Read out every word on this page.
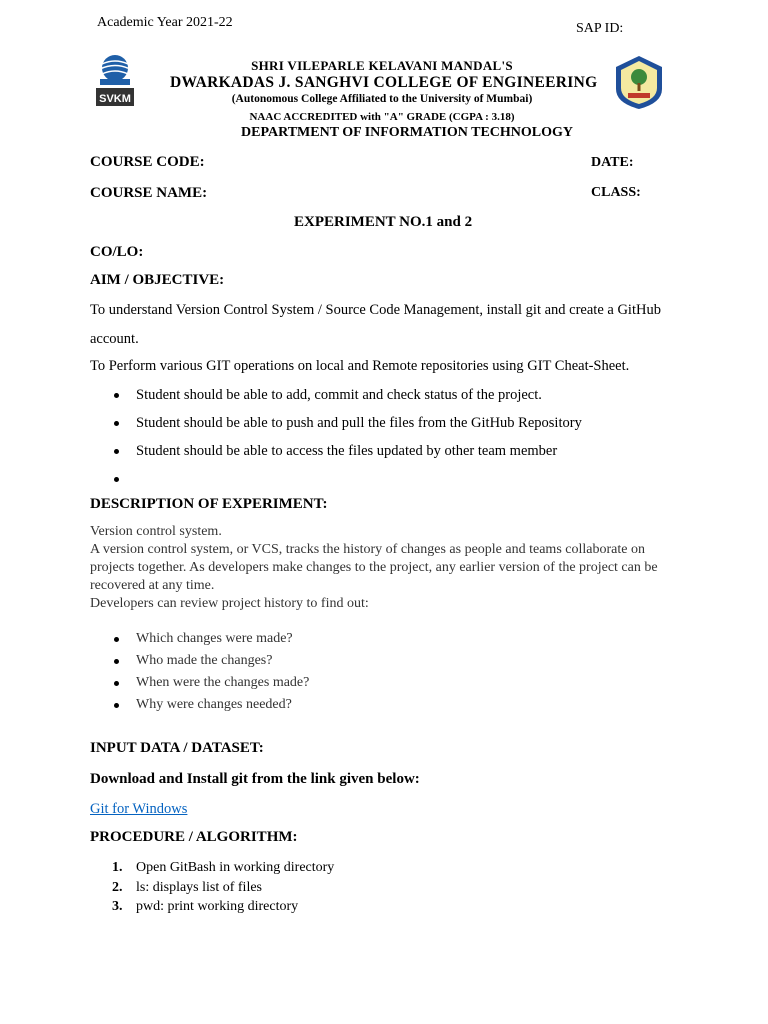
Academic Year 2021-22	SAP ID:
SVKM
SHRI VILEPARLE KELAVANI MANDAL'S
DWARKADAS J. SANGHVI COLLEGE OF ENGINEERING
(Autonomous College Affiliated to the University of Mumbai)
NAAC ACCREDITED with "A" GRADE (CGPA : 3.18)
DEPARTMENT OF INFORMATION TECHNOLOGY
COURSE CODE:	DATE:
COURSE NAME:	CLASS:
EXPERIMENT NO.1 and 2
CO/LO:
AIM / OBJECTIVE:
To understand Version Control System / Source Code Management, install git and create a GitHub
account.
To Perform various GIT operations on local and Remote repositories using GIT Cheat-Sheet.
Student should be able to add, commit and check status of the project.
Student should be able to push and pull the files from the GitHub Repository
Student should be able to access the files updated by other team member
DESCRIPTION OF EXPERIMENT:

Version control system.

A version control system, or VCS, tracks the history of changes as people and teams collaborate on projects together. As developers make changes to the project, any earlier version of the project can be recovered at any time.

Developers can review project history to find out:

Which changes were made?
Who made the changes?
When were the changes made?
Why were changes needed?
INPUT DATA / DATASET:
Download and Install git from the link given below:
Git for Windows
PROCEDURE / ALGORITHM:
1. Open GitBash in working directory
2. ls: displays list of files
3. pwd: print working directory
